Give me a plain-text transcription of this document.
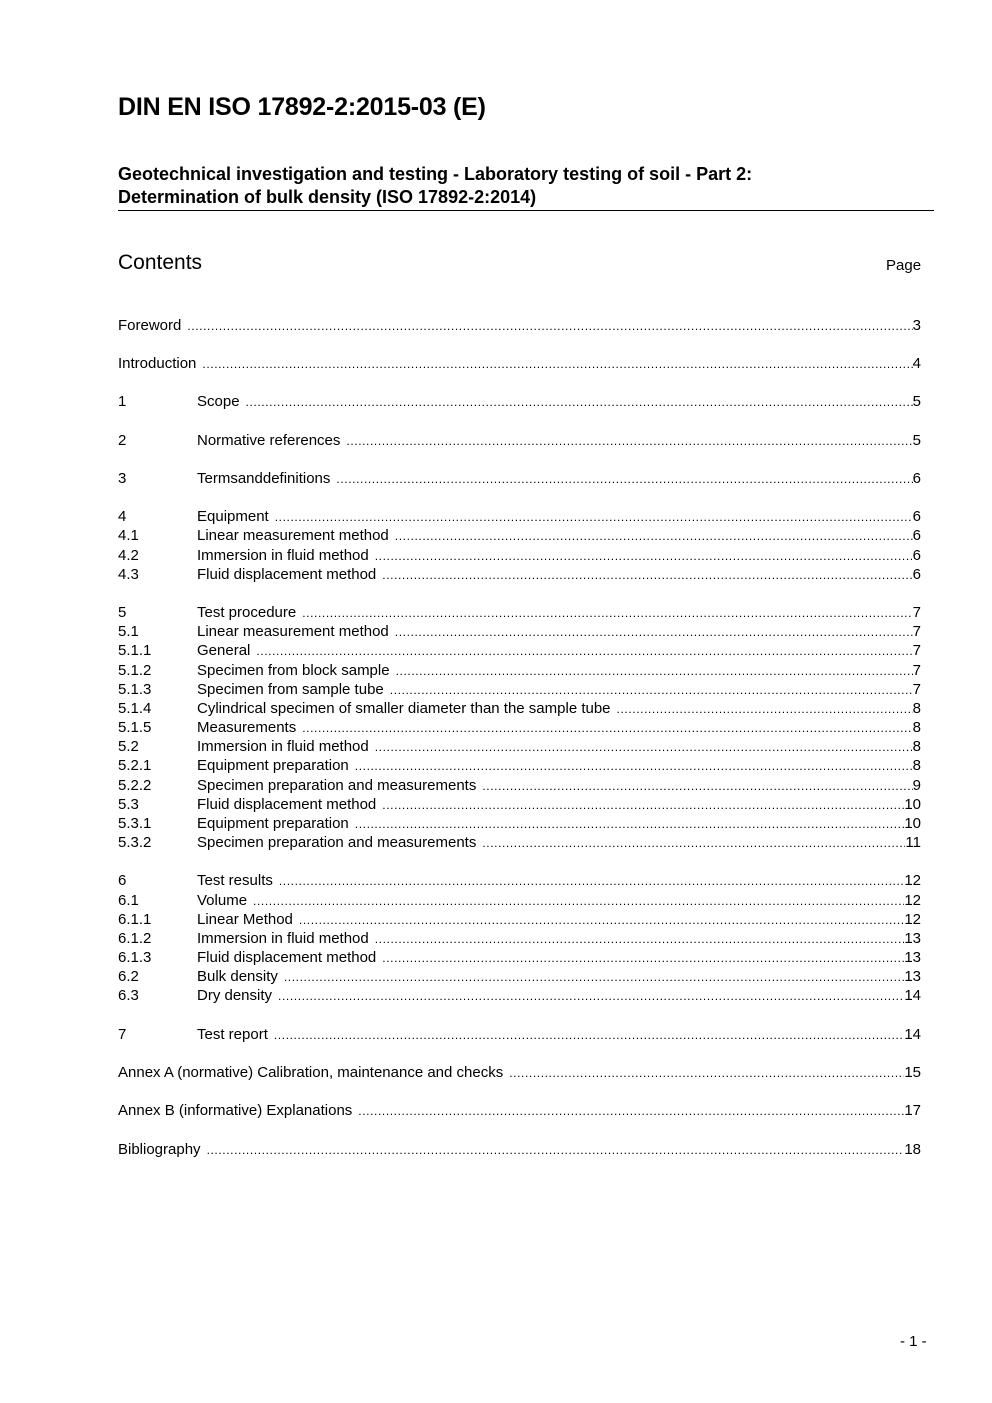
DIN EN ISO 17892-2:2015-03 (E)
Geotechnical investigation and testing - Laboratory testing of soil - Part 2:
Determination of bulk density (ISO 17892-2:2014)
Contents	Page
Foreword .....	3
Introduction .....	4
1	Scope .....	5
2	Normative references .....	5
3	Termsanddefinitions .....	6
4	Equipment .....	6
4.1	Linear measurement method .....	6
4.2	Immersion in fluid method .....	6
4.3	Fluid displacement method .....	6
5	Test procedure .....	7
5.1	Linear measurement method .....	7
5.1.1	General .....	7
5.1.2	Specimen from block sample .....	7
5.1.3	Specimen from sample tube .....	7
5.1.4	Cylindrical specimen of smaller diameter than the sample tube .....	8
5.1.5	Measurements .....	8
5.2	Immersion in fluid method .....	8
5.2.1	Equipment preparation .....	8
5.2.2	Specimen preparation and measurements .....	9
5.3	Fluid displacement method .....	10
5.3.1	Equipment preparation .....	10
5.3.2	Specimen preparation and measurements .....	11
6	Test results .....	12
6.1	Volume .....	12
6.1.1	Linear Method .....	12
6.1.2	Immersion in fluid method .....	13
6.1.3	Fluid displacement method .....	13
6.2	Bulk density .....	13
6.3	Dry density .....	14
7	Test report .....	14
Annex A (normative) Calibration, maintenance and checks .....	15
Annex B (informative) Explanations .....	17
Bibliography .....	18
- 1 -
